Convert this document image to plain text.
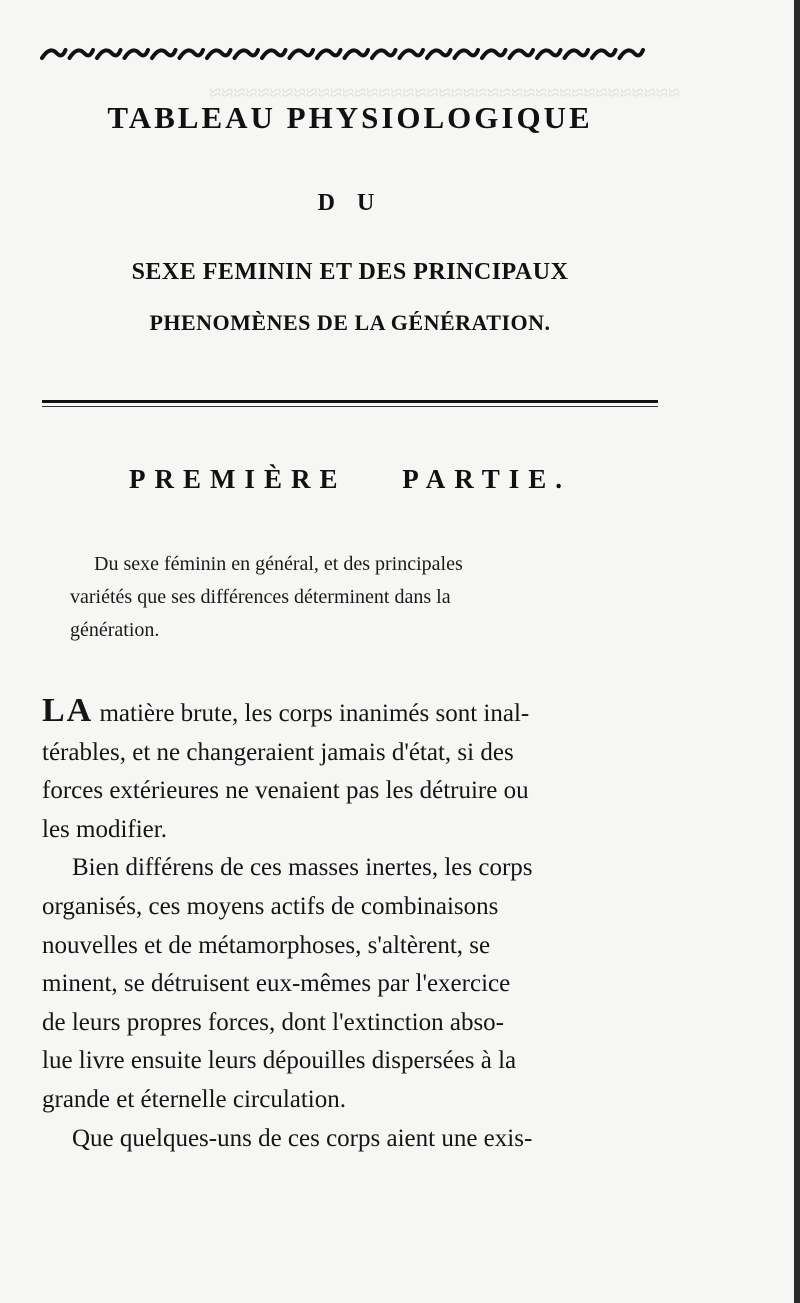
≈≈≈≈≈≈≈≈≈≈≈≈≈≈≈≈≈≈≈≈≈≈≈≈≈≈≈≈≈≈≈≈≈≈≈≈≈≈≈
TABLEAU PHYSIOLOGIQUE
D U
SEXE FEMININ ET DES PRINCIPAUX
PHENOMÈNES DE LA GÉNÉRATION.
PREMIÈRE PARTIE.
Du sexe féminin en général, et des principales
variétés que ses différences déterminent dans la
génération.
LA matière brute, les corps inanimés sont inal-
térables, et ne changeraient jamais d'état, si des
forces extérieures ne venaient pas les détruire ou
les modifier.
Bien différens de ces masses inertes, les corps
organisés, ces moyens actifs de combinaisons
nouvelles et de métamorphoses, s'altèrent, se
minent, se détruisent eux-mêmes par l'exercice
de leurs propres forces, dont l'extinction abso-
lue livre ensuite leurs dépouilles dispersées à la
grande et éternelle circulation.
Que quelques-uns de ces corps aient une exis-
